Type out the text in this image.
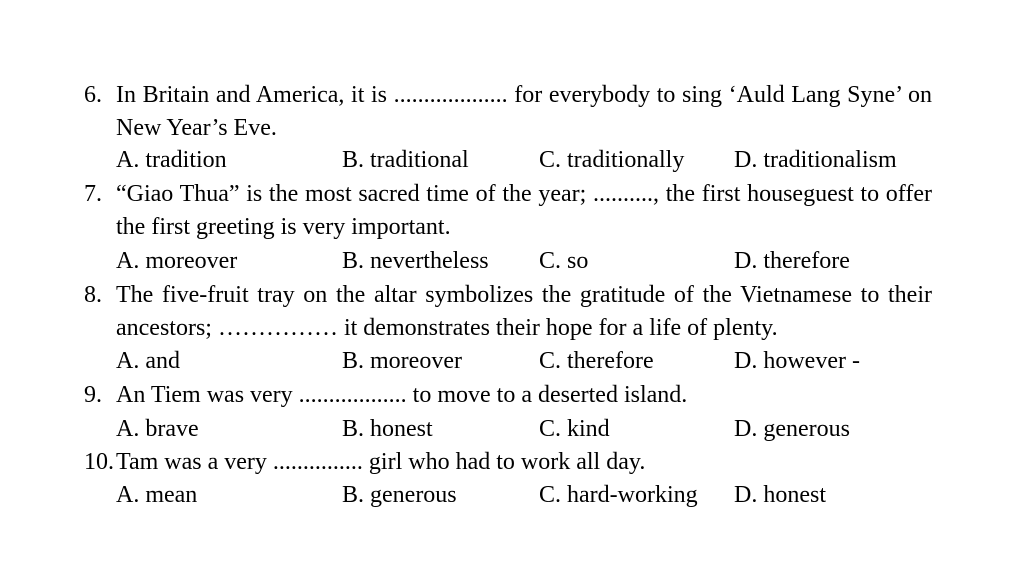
6. In Britain and America, it is ................... for everybody to sing ‘Auld Lang Syne’ on New Year’s Eve.
A. tradition	B. traditional	C. traditionally D. traditionalism
7. “Giao Thua” is the most sacred time of the year; .........., the first houseguest to offer the first greeting is very important.
A. moreover	B. nevertheless C. so	D. therefore
8. The five-fruit tray on the altar symbolizes the gratitude of the Vietnamese to their ancestors; …………… it demonstrates their hope for a life of plenty.
A. and	B. moreover	C. therefore	D. however -
9. An Tiem was very .................. to move to a deserted island.
A. brave	B. honest	C. kind	D. generous
10. Tam was a very ............... girl who had to work all day.
A. mean	B. generous	C. hard-working D. honest
